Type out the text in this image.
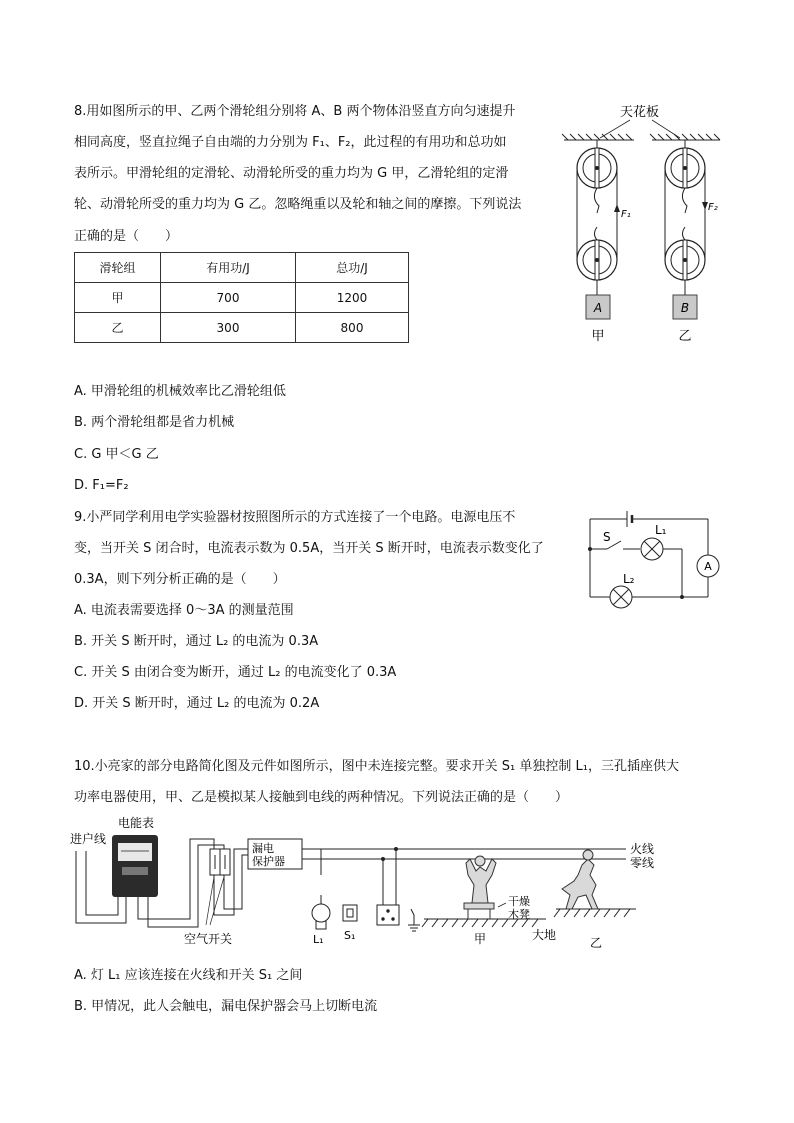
8.用如图所示的甲、乙两个滑轮组分别将 A、B 两个物体沿竖直方向匀速提升
相同高度，竖直拉绳子自由端的力分别为 F₁、F₂，此过程的有用功和总功如
表所示。甲滑轮组的定滑轮、动滑轮所受的重力均为 G 甲，乙滑轮组的定滑
轮、动滑轮所受的重力均为 G 乙。忽略绳重以及轮和轴之间的摩擦。下列说法
正确的是（　　）
滑轮组	有用功/J	总功/J
甲	700	1200
乙	300	800
A. 甲滑轮组的机械效率比乙滑轮组低
B. 两个滑轮组都是省力机械
C. G 甲＜G 乙
D. F₁=F₂
天花板
F₁
A
甲
F₂
B
乙
9.小严同学利用电学实验器材按照图所示的方式连接了一个电路。电源电压不
变，当开关 S 闭合时，电流表示数为 0.5A，当开关 S 断开时，电流表示数变化了
0.3A，则下列分析正确的是（　　）
A. 电流表需要选择 0～3A 的测量范围
B. 开关 S 断开时，通过 L₂ 的电流为 0.3A
C. 开关 S 由闭合变为断开，通过 L₂ 的电流变化了 0.3A
D. 开关 S 断开时，通过 L₂ 的电流为 0.2A
S	L₁
L₂
A
10.小亮家的部分电路简化图及元件如图所示，图中未连接完整。要求开关 S₁ 单独控制 L₁，三孔插座供大
功率电器使用，甲、乙是模拟某人接触到电线的两种情况。下列说法正确的是（　　）
电能表
进户线
空气开关
漏电
保护器
火线
零线
L₁ S₁
干燥
木凳
甲	大地
乙
A. 灯 L₁ 应该连接在火线和开关 S₁ 之间
B. 甲情况，此人会触电，漏电保护器会马上切断电流
